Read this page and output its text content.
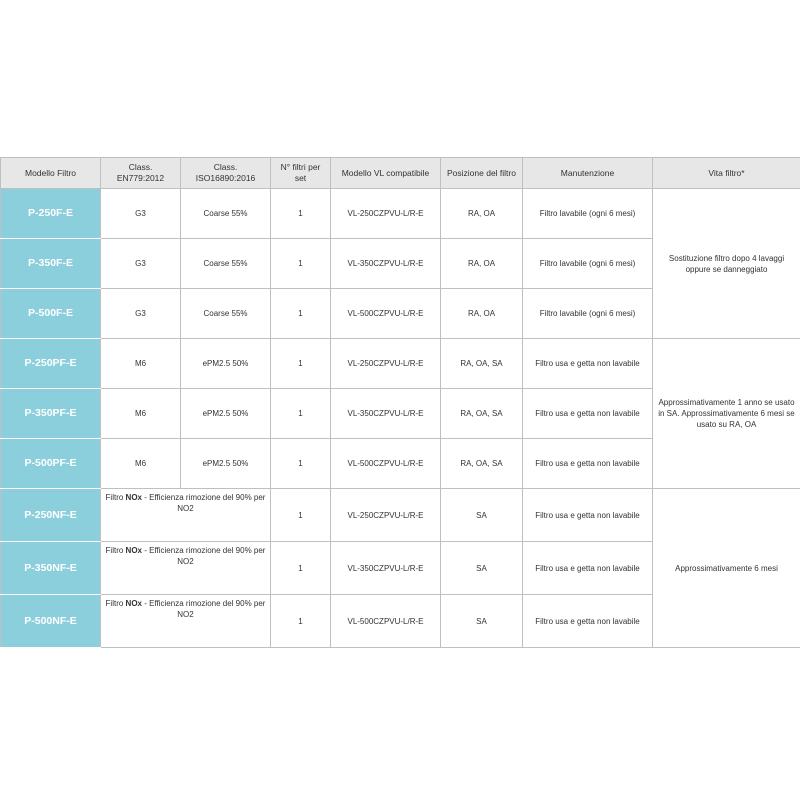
Modello Filtro	Class. EN779:2012	Class. ISO16890:2016	N° filtri per set	Modello VL compatibile	Posizione del filtro	Manutenzione	Vita filtro*
P-250F-E	G3	Coarse 55%	1	VL-250CZPVU-L/R-E	RA, OA	Filtro lavabile (ogni 6 mesi)	Sostituzione filtro dopo 4 lavaggi oppure se danneggiato
P-350F-E	G3	Coarse 55%	1	VL-350CZPVU-L/R-E	RA, OA	Filtro lavabile (ogni 6 mesi)	
P-500F-E	G3	Coarse 55%	1	VL-500CZPVU-L/R-E	RA, OA	Filtro lavabile (ogni 6 mesi)	
P-250PF-E	M6	ePM2.5 50%	1	VL-250CZPVU-L/R-E	RA, OA, SA	Filtro usa e getta non lavabile	Approssimativamente 1 anno se usato in SA. Approssimativamente 6 mesi se usato su RA, OA
P-350PF-E	M6	ePM2.5 50%	1	VL-350CZPVU-L/R-E	RA, OA, SA	Filtro usa e getta non lavabile	
P-500PF-E	M6	ePM2.5 50%	1	VL-500CZPVU-L/R-E	RA, OA, SA	Filtro usa e getta non lavabile	
P-250NF-E	Filtro NOx - Efficienza rimozione del 90% per NO2		1	VL-250CZPVU-L/R-E	SA	Filtro usa e getta non lavabile	Approssimativamente 6 mesi
P-350NF-E	Filtro NOx - Efficienza rimozione del 90% per NO2		1	VL-350CZPVU-L/R-E	SA	Filtro usa e getta non lavabile	
P-500NF-E	Filtro NOx - Efficienza rimozione del 90% per NO2		1	VL-500CZPVU-L/R-E	SA	Filtro usa e getta non lavabile	
